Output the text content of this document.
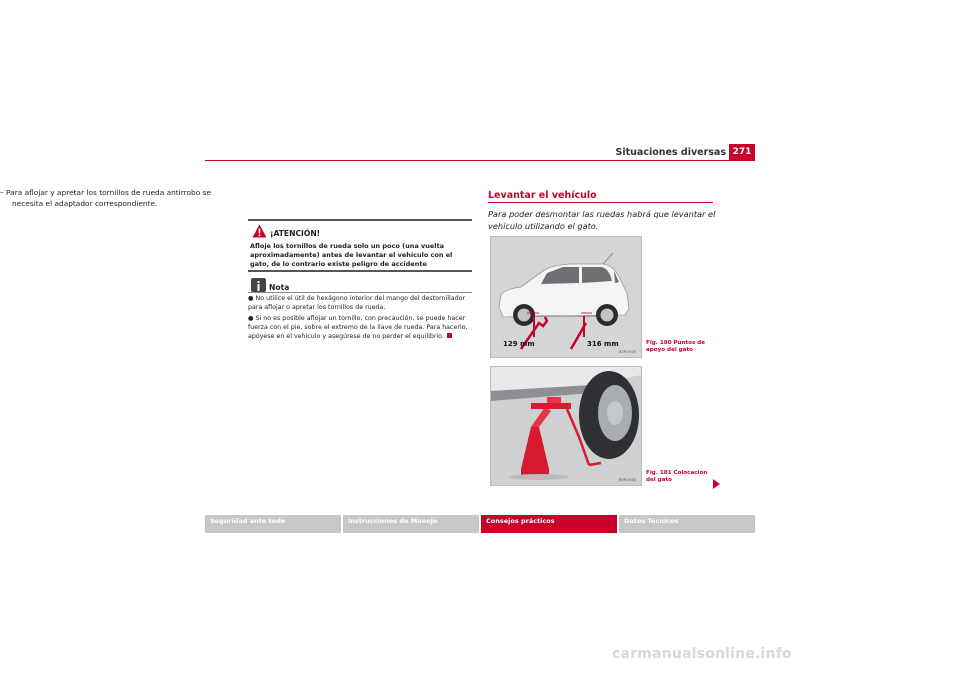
Situaciones diversas 271
– Para aflojar y apretar los tornillos de rueda antirrobo se necesita el adaptador correspondiente.
¡ATENCIÓN!
Afloje los tornillos de rueda solo un poco (una vuelta aproximadamente) antes de levantar el vehículo con el gato, de lo contrario existe peligro de accidente
Nota
● No utilice el útil de hexágono interior del mango del destornillador para aflojar o apretar los tornillos de rueda.
● Si no es posible aflojar un tornillo, con precaución, se puede hacer fuerza con el pie, sobre el extremo de la llave de rueda. Para hacerlo, apóyese en el vehículo y asegúrese de no perder el equilibrio.
Levantar el vehículo
Para poder desmontar las ruedas habrá que levantar el vehículo utilizando el gato.
129 mm	316 mm
B5P-0525
Fig. 180 Puntos de apoyo del gato
B5P-0550
Fig. 181 Colocación del gato
Seguridad ante todo	Instrucciones de Manejo	Consejos prácticos	Datos Técnicos
carmanualsonline.info
